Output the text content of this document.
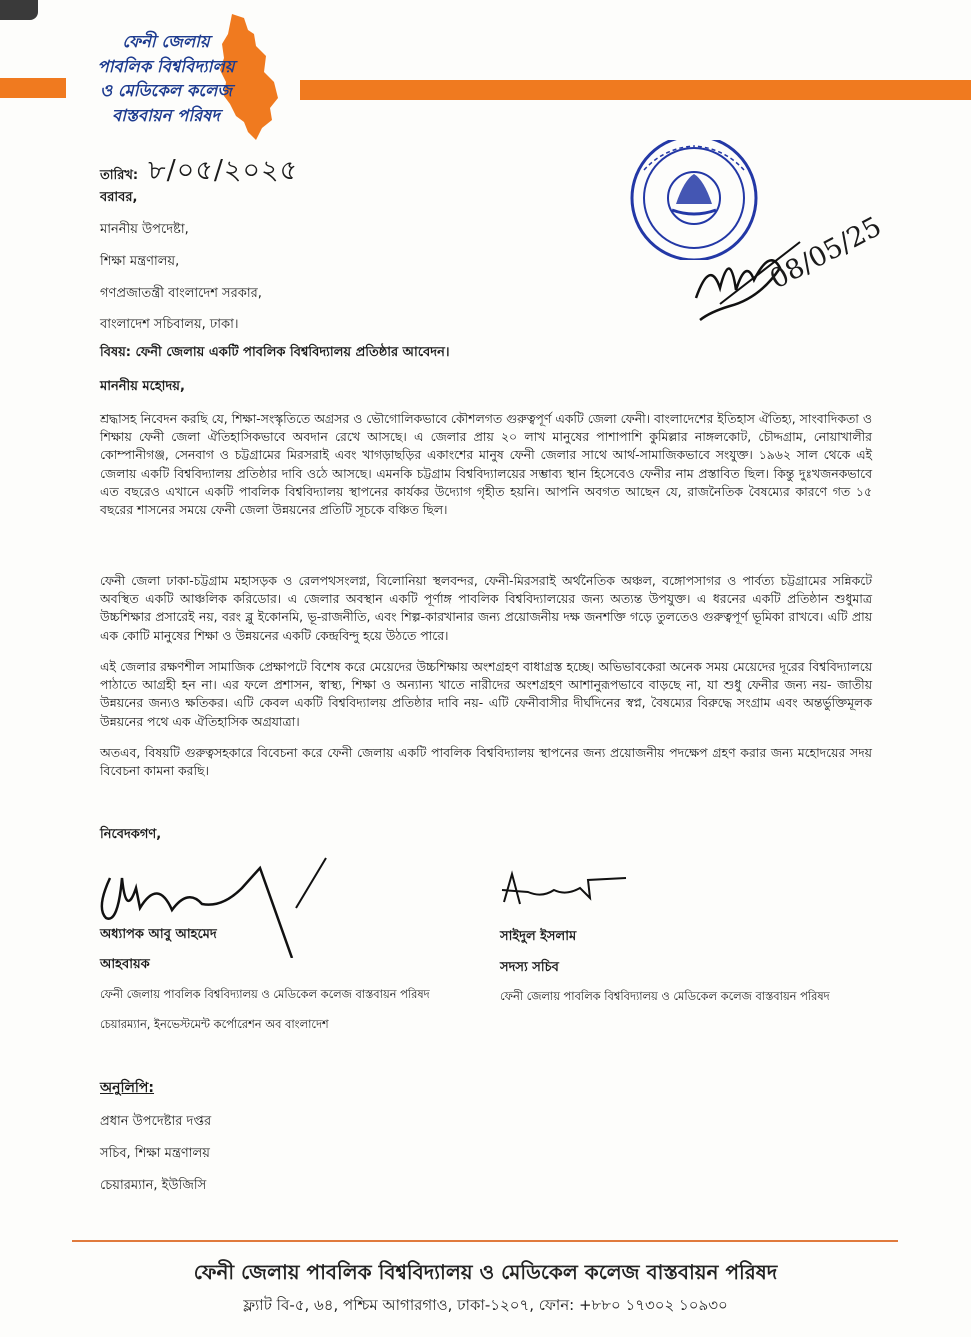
ফেনী জেলায়
পাবলিক বিশ্ববিদ্যালয়
ও মেডিকেল কলেজ
বাস্তবায়ন পরিষদ
তারিখ: ৮/০৫/২০২৫
08/05/25
বরাবর,
মাননীয় উপদেষ্টা,
শিক্ষা মন্ত্রণালয়,
গণপ্রজাতন্ত্রী বাংলাদেশ সরকার,
বাংলাদেশ সচিবালয়, ঢাকা।
বিষয়: ফেনী জেলায় একটি পাবলিক বিশ্ববিদ্যালয় প্রতিষ্ঠার আবেদন।
মাননীয় মহোদয়,
শ্রদ্ধাসহ নিবেদন করছি যে, শিক্ষা-সংস্কৃতিতে অগ্রসর ও ভৌগোলিকভাবে কৌশলগত গুরুত্বপূর্ণ একটি জেলা ফেনী। বাংলাদেশের ইতিহাস ঐতিহ্য, সাংবাদিকতা ও শিক্ষায় ফেনী জেলা ঐতিহাসিকভাবে অবদান রেখে আসছে। এ জেলার প্রায় ২০ লাখ মানুষের পাশাপাশি কুমিল্লার নাঙ্গলকোট, চৌদ্দগ্রাম, নোয়াখালীর কোম্পানীগঞ্জ, সেনবাগ ও চট্টগ্রামের মিরসরাই এবং খাগড়াছড়ির একাংশের মানুষ ফেনী জেলার সাথে আর্থ-সামাজিকভাবে সংযুক্ত। ১৯৬২ সাল থেকে এই জেলায় একটি বিশ্ববিদ্যালয় প্রতিষ্ঠার দাবি ওঠে আসছে। এমনকি চট্টগ্রাম বিশ্ববিদ্যালয়ের সম্ভাব্য স্থান হিসেবেও ফেনীর নাম প্রস্তাবিত ছিল। কিন্তু দুঃখজনকভাবে এত বছরেও এখানে একটি পাবলিক বিশ্ববিদ্যালয় স্থাপনের কার্যকর উদ্যোগ গৃহীত হয়নি। আপনি অবগত আছেন যে, রাজনৈতিক বৈষম্যের কারণে গত ১৫ বছরের শাসনের সময়ে ফেনী জেলা উন্নয়নের প্রতিটি সূচকে বঞ্চিত ছিল।
ফেনী জেলা ঢাকা-চট্টগ্রাম মহাসড়ক ও রেলপথসংলগ্ন, বিলোনিয়া স্থলবন্দর, ফেনী-মিরসরাই অর্থনৈতিক অঞ্চল, বঙ্গোপসাগর ও পার্বত্য চট্টগ্রামের সন্নিকটে অবস্থিত একটি আঞ্চলিক করিডোর। এ জেলার অবস্থান একটি পূর্ণাঙ্গ পাবলিক বিশ্ববিদ্যালয়ের জন্য অত্যন্ত উপযুক্ত। এ ধরনের একটি প্রতিষ্ঠান শুধুমাত্র উচ্চশিক্ষার প্রসারেই নয়, বরং ব্লু ইকোনমি, ভূ-রাজনীতি, এবং শিল্প-কারখানার জন্য প্রয়োজনীয় দক্ষ জনশক্তি গড়ে তুলতেও গুরুত্বপূর্ণ ভূমিকা রাখবে। এটি প্রায় এক কোটি মানুষের শিক্ষা ও উন্নয়নের একটি কেন্দ্রবিন্দু হয়ে উঠতে পারে।
এই জেলার রক্ষণশীল সামাজিক প্রেক্ষাপটে বিশেষ করে মেয়েদের উচ্চশিক্ষায় অংশগ্রহণ বাধাগ্রস্ত হচ্ছে। অভিভাবকেরা অনেক সময় মেয়েদের দূরের বিশ্ববিদ্যালয়ে পাঠাতে আগ্রহী হন না। এর ফলে প্রশাসন, স্বাস্থ্য, শিক্ষা ও অন্যান্য খাতে নারীদের অংশগ্রহণ আশানুরূপভাবে বাড়ছে না, যা শুধু ফেনীর জন্য নয়- জাতীয় উন্নয়নের জন্যও ক্ষতিকর। এটি কেবল একটি বিশ্ববিদ্যালয় প্রতিষ্ঠার দাবি নয়- এটি ফেনীবাসীর দীর্ঘদিনের স্বপ্ন, বৈষম্যের বিরুদ্ধে সংগ্রাম এবং অন্তর্ভুক্তিমূলক উন্নয়নের পথে এক ঐতিহাসিক অগ্রযাত্রা।
অতএব, বিষয়টি গুরুত্বসহকারে বিবেচনা করে ফেনী জেলায় একটি পাবলিক বিশ্ববিদ্যালয় স্থাপনের জন্য প্রয়োজনীয় পদক্ষেপ গ্রহণ করার জন্য মহোদয়ের সদয় বিবেচনা কামনা করছি।
নিবেদকগণ,
অধ্যাপক আবু আহমেদ
আহবায়ক
ফেনী জেলায় পাবলিক বিশ্ববিদ্যালয় ও মেডিকেল কলেজ বাস্তবায়ন পরিষদ
চেয়ারম্যান, ইনভেস্টমেন্ট কর্পোরেশন অব বাংলাদেশ
সাইদুল ইসলাম
সদস্য সচিব
ফেনী জেলায় পাবলিক বিশ্ববিদ্যালয় ও মেডিকেল কলেজ বাস্তবায়ন পরিষদ
অনুলিপি:
প্রধান উপদেষ্টার দপ্তর
সচিব, শিক্ষা মন্ত্রণালয়
চেয়ারম্যান, ইউজিসি
ফেনী জেলায় পাবলিক বিশ্ববিদ্যালয় ও মেডিকেল কলেজ বাস্তবায়ন পরিষদ
ফ্ল্যাট বি-৫, ৬৪, পশ্চিম আগারগাও, ঢাকা-১২০৭, ফোন: +৮৮০ ১৭৩০২ ১০৯৩০
